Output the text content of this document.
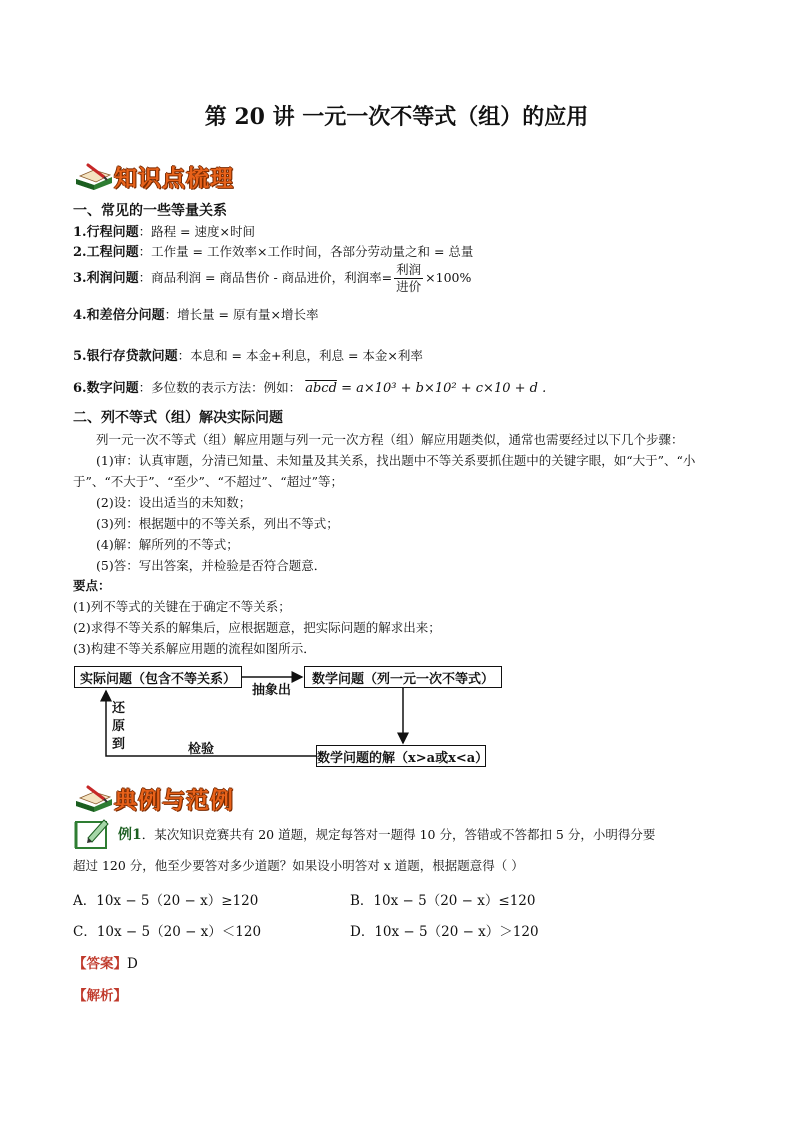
第 20 讲 一元一次不等式（组）的应用
知识点梳理
一、常见的一些等量关系
1.行程问题：路程 = 速度×时间
2.工程问题：工作量 = 工作效率×工作时间，各部分劳动量之和 = 总量
3.利润问题：商品利润 = 商品售价 - 商品进价，利润率= $\frac{\text{利润}}{\text{进价}} \times 100\%$
4.和差倍分问题：增长量 = 原有量×增长率
5.银行存贷款问题：本息和 = 本金+利息，利息 = 本金×利率
6.数字问题：多位数的表示方法：例如： abcd = a×10³ + b×10² + c×10 + d .
二、列不等式（组）解决实际问题
列一元一次不等式（组）解应用题与列一元一次方程（组）解应用题类似，通常也需要经过以下几个步骤：
(1)审：认真审题，分清已知量、未知量及其关系，找出题中不等关系要抓住题中的关键字眼，如“大于”、“小
于”、“不大于”、“至少”、“不超过”、“超过”等；
(2)设：设出适当的未知数；
(3)列：根据题中的不等关系，列出不等式；
(4)解：解所列的不等式；
(5)答：写出答案，并检验是否符合题意．
要点：
(1)列不等式的关键在于确定不等关系；
(2)求得不等关系的解集后，应根据题意，把实际问题的解求出来；
(3)构建不等关系解应用题的流程如图所示．
实际问题（包含不等关系）	数学问题（列一元一次不等式）
数学问题的解（x>a或x<a）
抽象出
检验
还
原
到
典例与范例
例1．某次知识竞赛共有 20 道题，规定每答对一题得 10 分，答错或不答都扣 5 分，小明得分要
超过 120 分，他至少要答对多少道题？如果设小明答对 x 道题，根据题意得（ ）
A．10x − 5（20 − x）≥120	B．10x − 5（20 − x）≤120
C．10x − 5（20 − x）＜120	D．10x − 5（20 − x）＞120
【答案】D
【解析】
